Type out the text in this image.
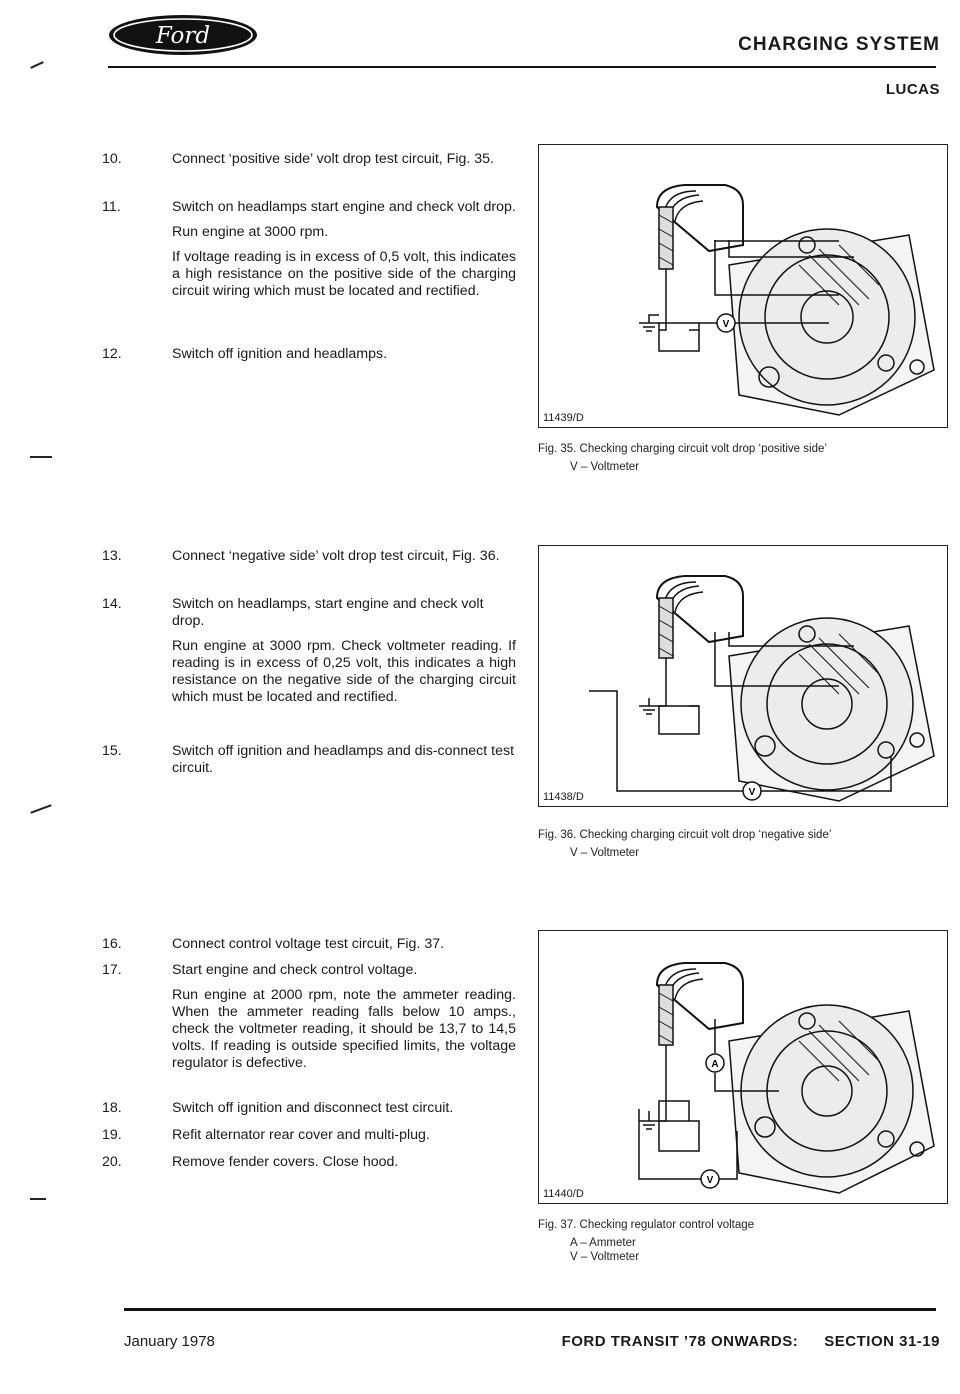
Ford	CHARGING SYSTEM
LUCAS
10.	Connect ‘positive side’ volt drop test circuit, Fig. 35.
11.	Switch on headlamps start engine and check volt drop.
Run engine at 3000 rpm.
If voltage reading is in excess of 0,5 volt, this indicates a high resistance on the positive side of the charging circuit wiring which must be located and rectified.
12.	Switch off ignition and headlamps.
13.	Connect ‘negative side’ volt drop test circuit, Fig. 36.
14.	Switch on headlamps, start engine and check volt drop.
Run engine at 3000 rpm. Check voltmeter reading. If reading is in excess of 0,25 volt, this indicates a high resistance on the negative side of the charging circuit which must be located and rectified.
15.	Switch off ignition and headlamps and dis-connect test circuit.
16.	Connect control voltage test circuit, Fig. 37.
17.	Start engine and check control voltage.
Run engine at 2000 rpm, note the ammeter reading. When the ammeter reading falls below 10 amps., check the voltmeter reading, it should be 13,7 to 14,5 volts. If reading is outside specified limits, the voltage regulator is defective.
18.	Switch off ignition and disconnect test circuit.
19.	Refit alternator rear cover and multi-plug.
20.	Remove fender covers. Close hood.
V
11439/D
Fig. 35. Checking charging circuit volt drop ‘positive side’
V – Voltmeter
V
11438/D
Fig. 36. Checking charging circuit volt drop ‘negative side’
V – Voltmeter
A
V
11440/D
Fig. 37. Checking regulator control voltage
A – Ammeter
V – Voltmeter
January 1978	FORD TRANSIT ’78 ONWARDS: SECTION 31-19
